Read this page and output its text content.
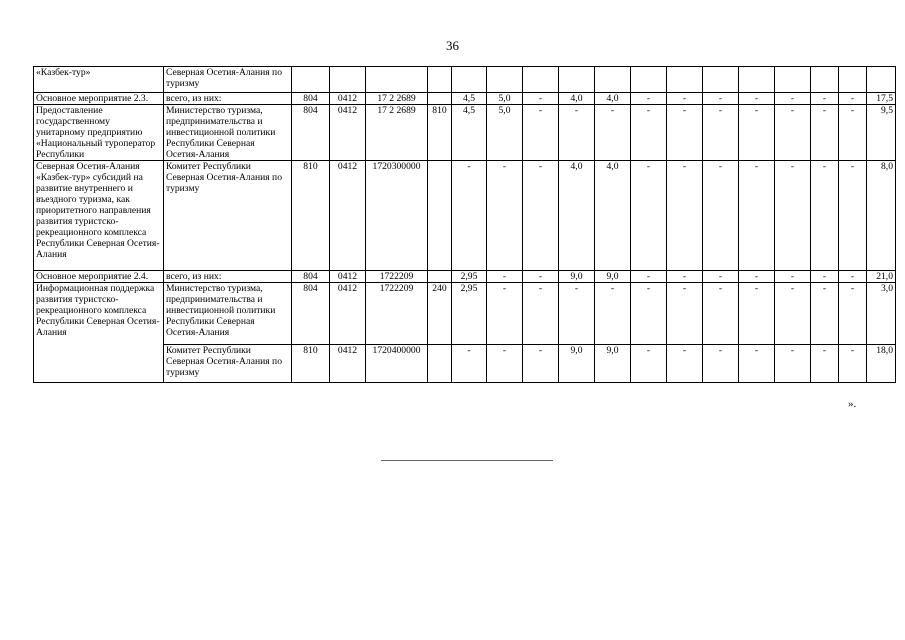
36
«Казбек-тур»	Северная Осетия-Алания по туризму																	
Основное мероприятие 2.3.	всего, из них:	804	0412	17 2 2689		4,5	5,0	-	4,0	4,0	-	-	-	-	-	-	-	17,5
Предоставление государственному унитарному предприятию «Национальный туроператор Республики	Министерство туризма, предпринимательства и инвестиционной политики Республики Северная Осетия-Алания	804	0412	17 2 2689	810	4,5	5,0	-	-	-	-	-	-	-	-	-	-	9,5
Северная Осетия-Алания «Казбек-тур» субсидий на развитие внутреннего и въездного туризма, как приоритетного направления развития туристско-рекреационного комплекса Республики Северная Осетия-Алания	Комитет Республики Северная Осетия-Алания по туризму	810	0412	1720300000		-	-	-	4,0	4,0	-	-	-	-	-	-	-	8,0
Основное мероприятие 2.4.	всего, из них:	804	0412	1722209		2,95	-	-	9,0	9,0	-	-	-	-	-	-	-	21,0
Информационная поддержка развития туристско-рекреационного комплекса Республики Северная Осетия-Алания	Министерство туризма, предпринимательства и инвестиционной политики Республики Северная Осетия-Алания	804	0412	1722209	240	2,95	-	-	-	-	-	-	-	-	-	-	-	3,0
	Комитет Республики Северная Осетия-Алания по туризму	810	0412	1720400000		-	-	-	9,0	9,0	-	-	-	-	-	-	-	18,0
».
